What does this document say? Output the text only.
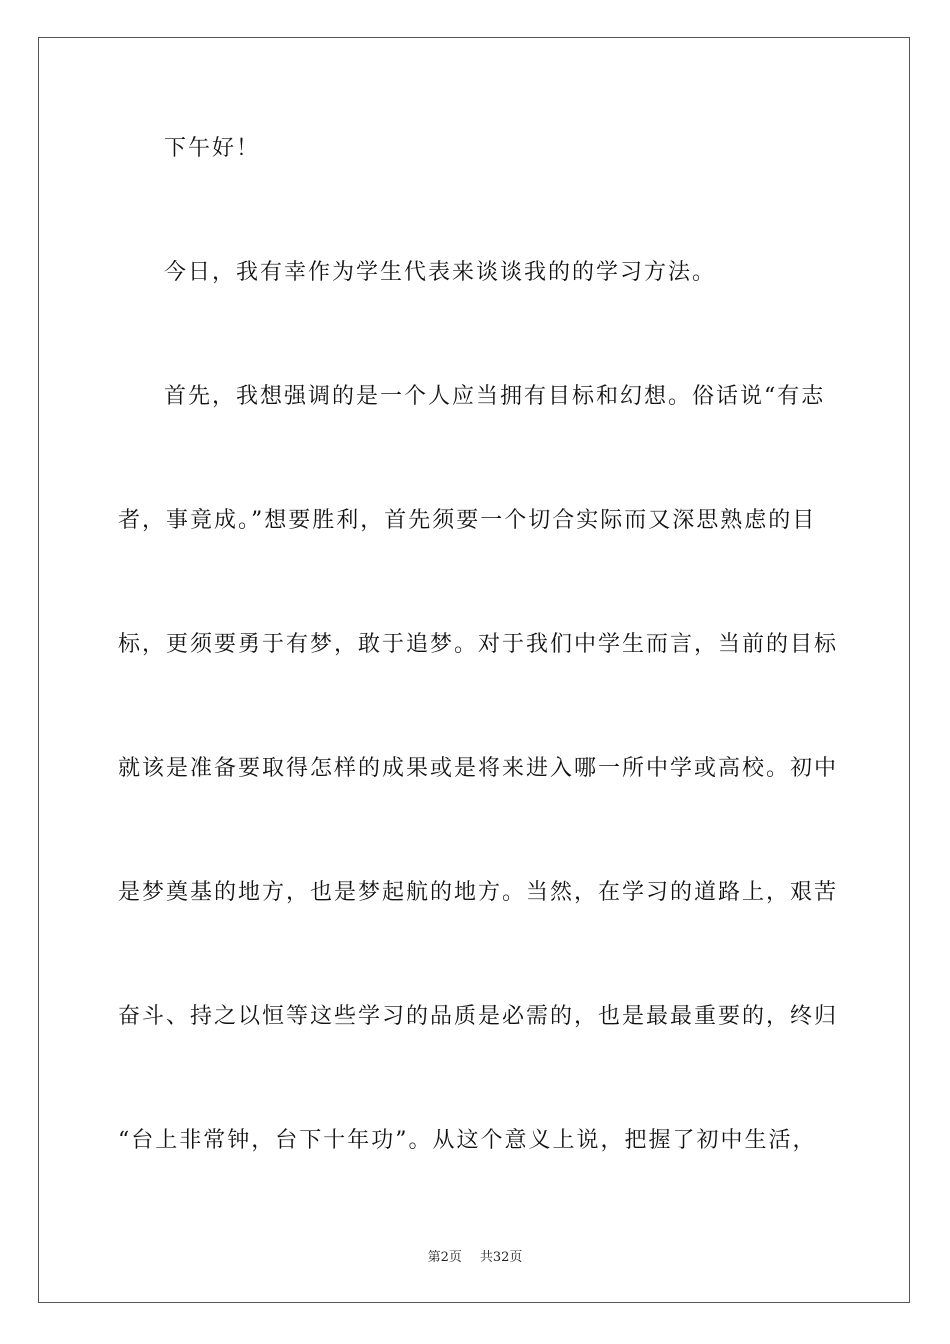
下午好！

今日，我有幸作为学生代表来谈谈我的的学习方法。

首先，我想强调的是一个人应当拥有目标和幻想。俗话说“有志

者，事竟成。”想要胜利，首先须要一个切合实际而又深思熟虑的目

标，更须要勇于有梦，敢于追梦。对于我们中学生而言，当前的目标

就该是准备要取得怎样的成果或是将来进入哪一所中学或高校。初中

是梦奠基的地方，也是梦起航的地方。当然，在学习的道路上，艰苦

奋斗、持之以恒等这些学习的品质是必需的，也是最最重要的，终归

“台上非常钟，台下十年功”。从这个意义上说，把握了初中生活，

第2页 共32页
